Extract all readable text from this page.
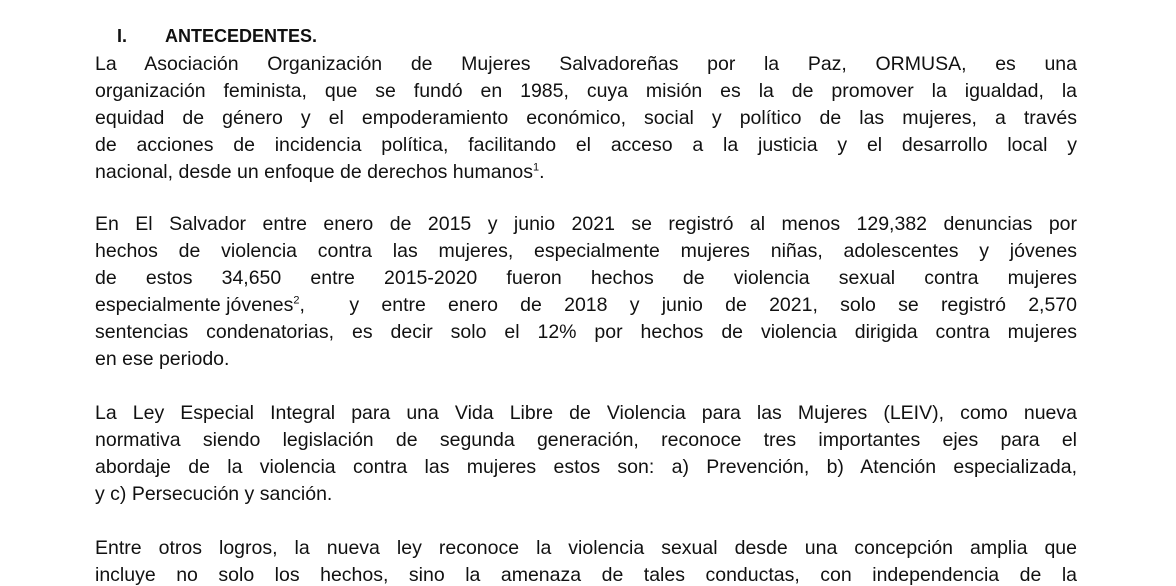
I. ANTECEDENTES.
La Asociación Organización de Mujeres Salvadoreñas por la Paz, ORMUSA, es una
organización feminista, que se fundó en 1985, cuya misión es la de promover la igualdad, la
equidad de género y el empoderamiento económico, social y político de las mujeres, a través
de acciones de incidencia política, facilitando el acceso a la justicia y el desarrollo local y
nacional, desde un enfoque de derechos humanos$^1$.
En El Salvador entre enero de 2015 y junio 2021 se registró al menos 129,382 denuncias por
hechos de violencia contra las mujeres, especialmente mujeres niñas, adolescentes y jóvenes
de estos 34,650 entre 2015-2020 fueron hechos de violencia sexual contra mujeres
especialmente jóvenes$^2$ ,  y entre enero de 2018 y junio de 2021, solo se registró 2,570
sentencias condenatorias, es decir solo el 12% por hechos de violencia dirigida contra mujeres
en ese periodo.
La Ley Especial Integral para una Vida Libre de Violencia para las Mujeres (LEIV), como nueva
normativa siendo legislación de segunda generación, reconoce tres importantes ejes para el
abordaje de la violencia contra las mujeres estos son: a) Prevención, b) Atención especializada,
y c) Persecución y sanción.
Entre otros logros, la nueva ley reconoce la violencia sexual desde una concepción amplia que
incluye no solo los hechos, sino la amenaza de tales conductas, con independencia de la
